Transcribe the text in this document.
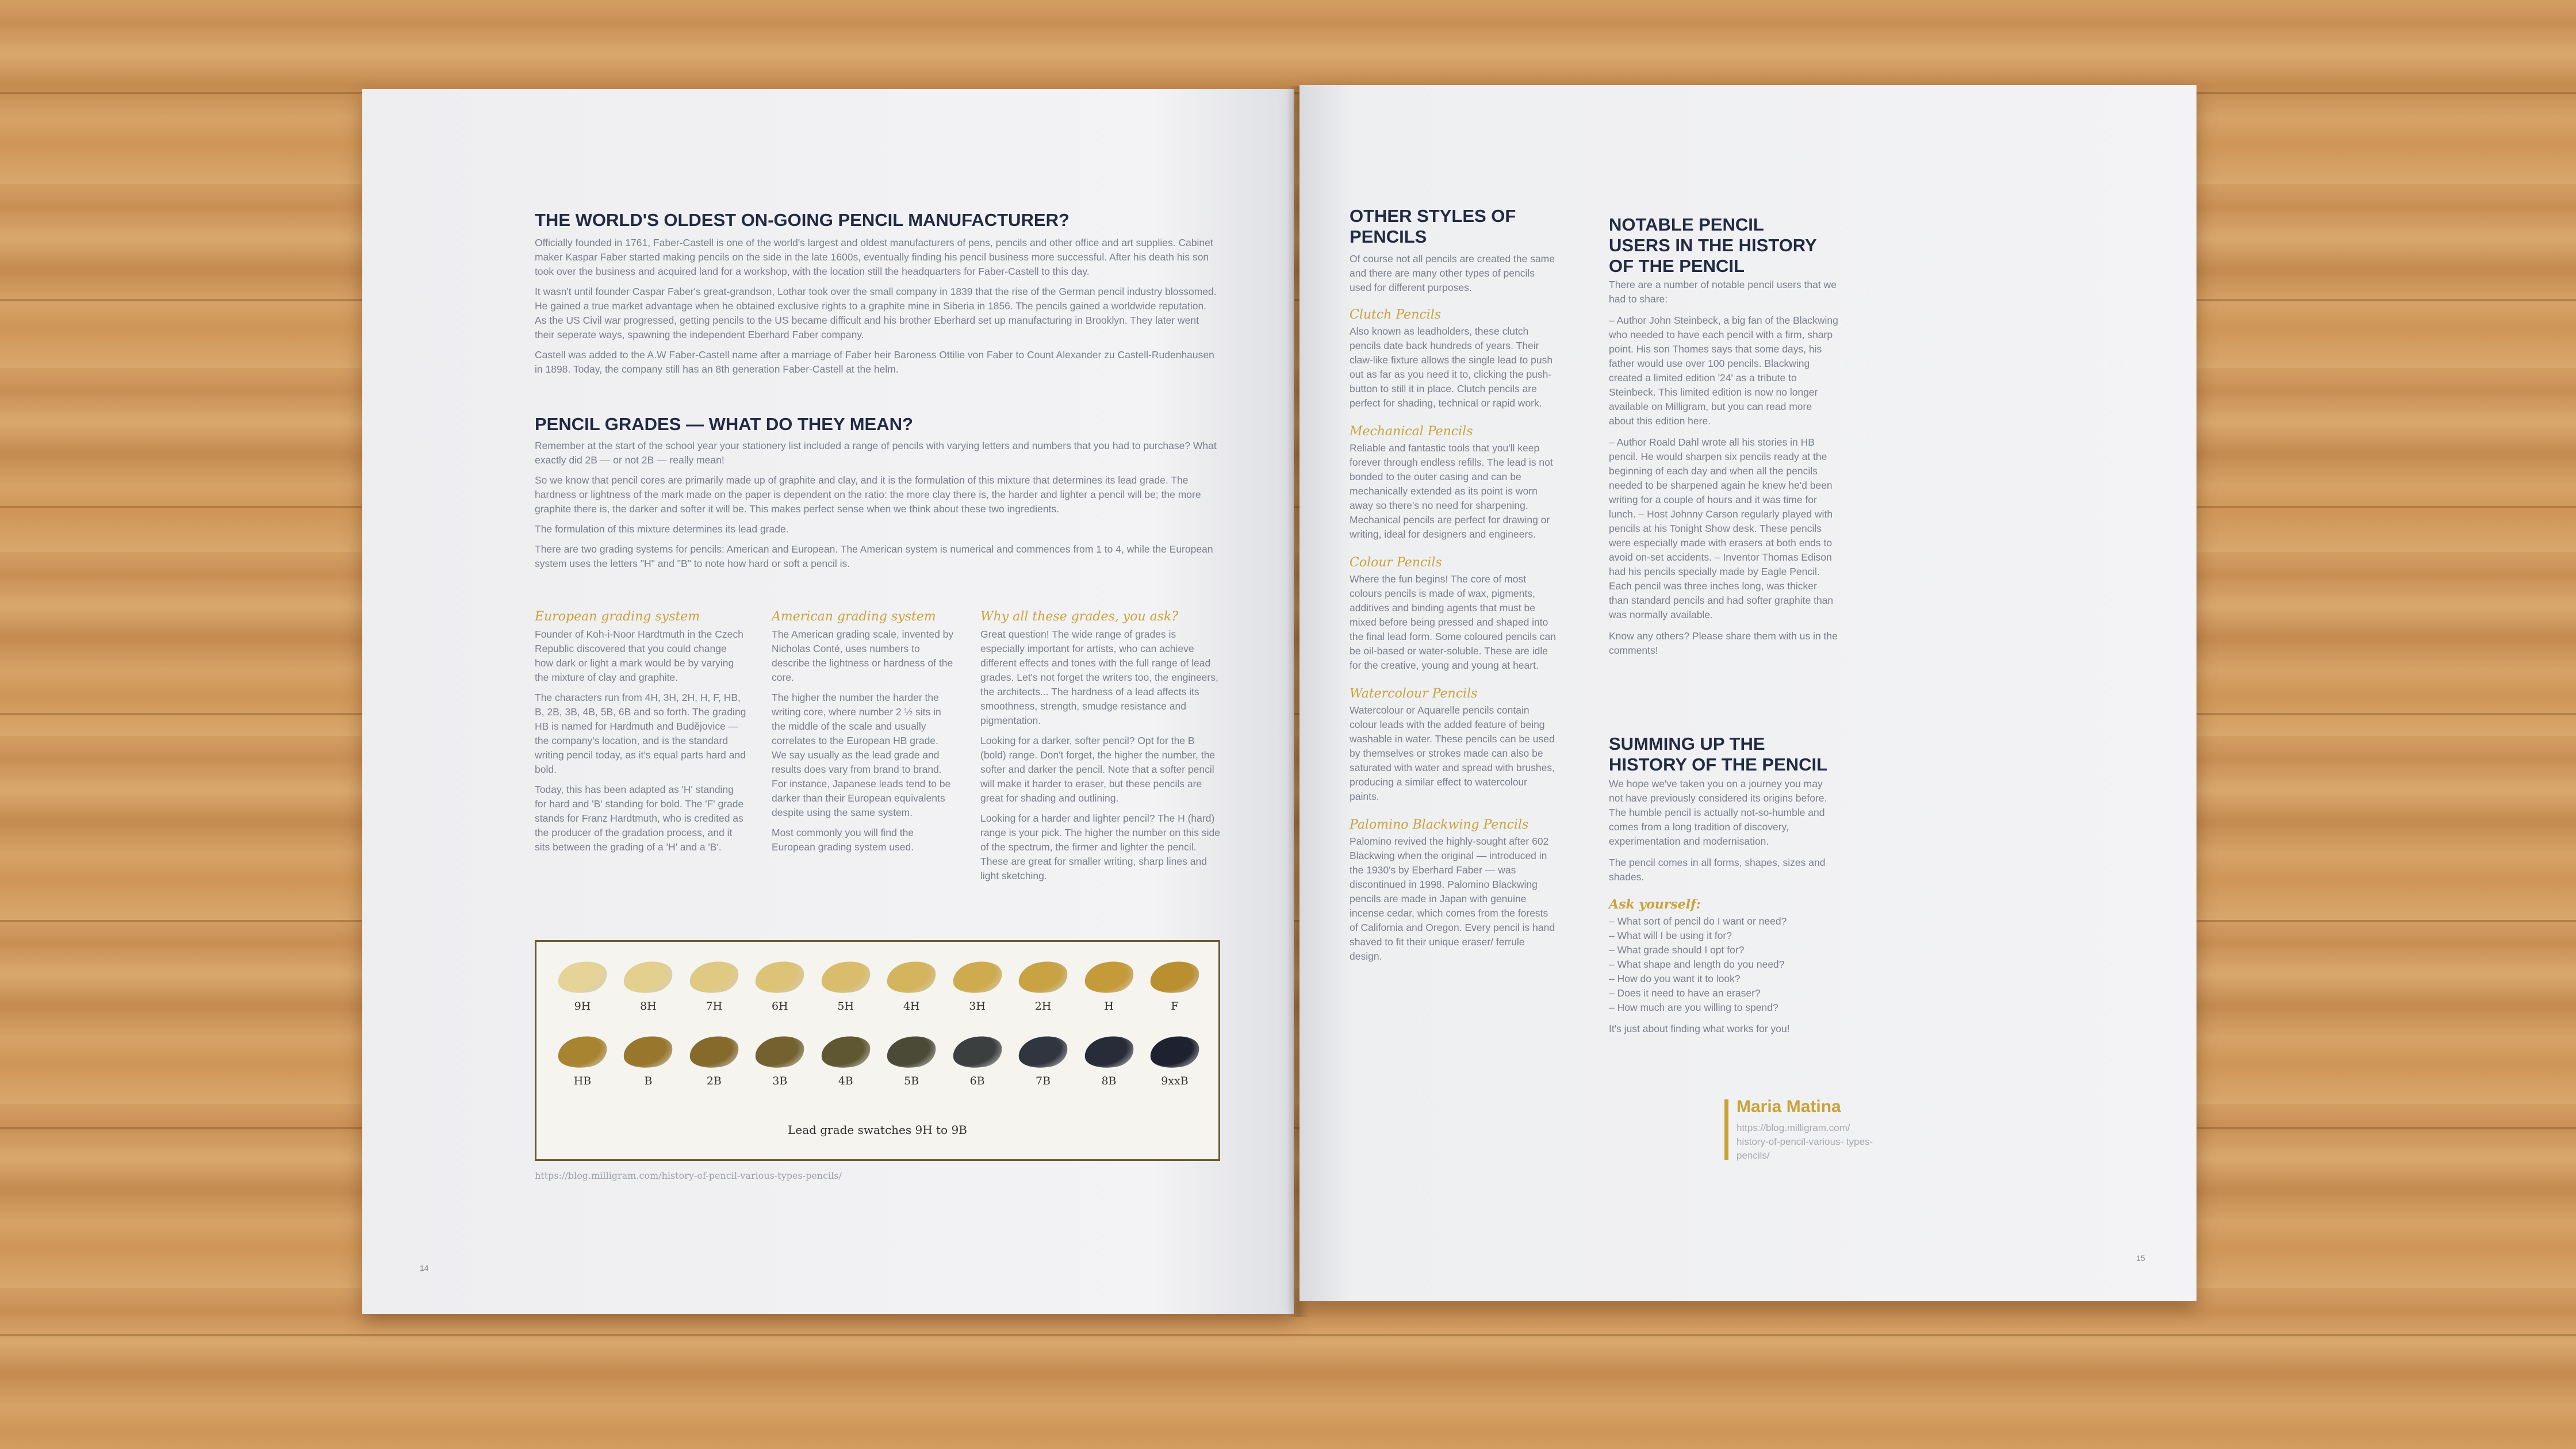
THE WORLD'S OLDEST ON-GOING PENCIL MANUFACTURER?

Officially founded in 1761, Faber-Castell is one of the world's largest and oldest manufacturers of pens, pencils and other office and art supplies. Cabinet maker Kaspar Faber started making pencils on the side in the late 1600s, eventually finding his pencil business more successful. After his death his son took over the business and acquired land for a workshop, with the location still the headquarters for Faber-Castell to this day.

It wasn't until founder Caspar Faber's great-grandson, Lothar took over the small company in 1839 that the rise of the German pencil industry blossomed. He gained a true market advantage when he obtained exclusive rights to a graphite mine in Siberia in 1856. The pencils gained a worldwide reputation. As the US Civil war progressed, getting pencils to the US became difficult and his brother Eberhard set up manufacturing in Brooklyn. They later went their seperate ways, spawning the independent Eberhard Faber company.

Castell was added to the A.W Faber-Castell name after a marriage of Faber heir Baroness Ottilie von Faber to Count Alexander zu Castell-Rudenhausen in 1898. Today, the company still has an 8th generation Faber-Castell at the helm.

PENCIL GRADES — WHAT DO THEY MEAN?

Remember at the start of the school year your stationery list included a range of pencils with varying letters and numbers that you had to purchase? What exactly did 2B — or not 2B — really mean!

So we know that pencil cores are primarily made up of graphite and clay, and it is the formulation of this mixture that determines its lead grade. The hardness or lightness of the mark made on the paper is dependent on the ratio: the more clay there is, the harder and lighter a pencil will be; the more graphite there is, the darker and softer it will be. This makes perfect sense when we think about these two ingredients.

The formulation of this mixture determines its lead grade.

There are two grading systems for pencils: American and European. The American system is numerical and commences from 1 to 4, while the European system uses the letters "H" and "B" to note how hard or soft a pencil is.

European grading system

Founder of Koh-i-Noor Hardtmuth in the Czech Republic discovered that you could change how dark or light a mark would be by varying the mixture of clay and graphite.

The characters run from 4H, 3H, 2H, H, F, HB, B, 2B, 3B, 4B, 5B, 6B and so forth. The grading HB is named for Hardmuth and Budějovice — the company's location, and is the standard writing pencil today, as it's equal parts hard and bold.

Today, this has been adapted as 'H' standing for hard and 'B' standing for bold. The 'F' grade stands for Franz Hardtmuth, who is credited as the producer of the gradation process, and it sits between the grading of a 'H' and a 'B'.

American grading system

The American grading scale, invented by Nicholas Conté, uses numbers to describe the lightness or hardness of the core.

The higher the number the harder the writing core, where number 2 ½ sits in the middle of the scale and usually correlates to the European HB grade. We say usually as the lead grade and results does vary from brand to brand. For instance, Japanese leads tend to be darker than their European equivalents despite using the same system.

Most commonly you will find the European grading system used.

Why all these grades, you ask?

Great question! The wide range of grades is especially important for artists, who can achieve different effects and tones with the full range of lead grades. Let's not forget the writers too, the engineers, the architects... The hardness of a lead affects its smoothness, strength, smudge resistance and pigmentation.

Looking for a darker, softer pencil? Opt for the B (bold) range. Don't forget, the higher the number, the softer and darker the pencil. Note that a softer pencil will make it harder to eraser, but these pencils are great for shading and outlining.

Looking for a harder and lighter pencil? The H (hard) range is your pick. The higher the number on this side of the spectrum, the firmer and lighter the pencil. These are great for smaller writing, sharp lines and light sketching.

9H	8H	7H	6H	5H	4H	3H	2H	H	F
HB	B	2B	3B	4B	5B	6B	7B	8B	9xxB
Lead grade swatches 9H to 9B
https://blog.milligram.com/history-of-pencil-various-types-pencils/
14
OTHER STYLES OF PENCILS
Of course not all pencils are created the same and there are many other types of pencils used for different purposes.
Clutch Pencils
Also known as leadholders, these clutch pencils date back hundreds of years. Their claw-like fixture allows the single lead to push out as far as you need it to, clicking the push-button to still it in place. Clutch pencils are perfect for shading, technical or rapid work.
Mechanical Pencils
Reliable and fantastic tools that you'll keep forever through endless refills. The lead is not bonded to the outer casing and can be mechanically extended as its point is worn away so there's no need for sharpening. Mechanical pencils are perfect for drawing or writing, ideal for designers and engineers.
Colour Pencils
Where the fun begins! The core of most colours pencils is made of wax, pigments, additives and binding agents that must be mixed before being pressed and shaped into the final lead form. Some coloured pencils can be oil-based or water-soluble. These are idle for the creative, young and young at heart.
Watercolour Pencils
Watercolour or Aquarelle pencils contain colour leads with the added feature of being washable in water. These pencils can be used by themselves or strokes made can also be saturated with water and spread with brushes, producing a similar effect to watercolour paints.
Palomino Blackwing Pencils
Palomino revived the highly-sought after 602 Blackwing when the original — introduced in the 1930's by Eberhard Faber — was discontinued in 1998. Palomino Blackwing pencils are made in Japan with genuine incense cedar, which comes from the forests of California and Oregon. Every pencil is hand shaved to fit their unique eraser/ ferrule design.
NOTABLE PENCIL USERS IN THE HISTORY OF THE PENCIL
There are a number of notable pencil users that we had to share:
– Author John Steinbeck, a big fan of the Blackwing who needed to have each pencil with a firm, sharp point. His son Thomes says that some days, his father would use over 100 pencils. Blackwing created a limited edition '24' as a tribute to Steinbeck. This limited edition is now no longer available on Milligram, but you can read more about this edition here.
– Author Roald Dahl wrote all his stories in HB pencil. He would sharpen six pencils ready at the beginning of each day and when all the pencils needed to be sharpened again he knew he'd been writing for a couple of hours and it was time for lunch. – Host Johnny Carson regularly played with pencils at his Tonight Show desk. These pencils were especially made with erasers at both ends to avoid on-set accidents. – Inventor Thomas Edison had his pencils specially made by Eagle Pencil. Each pencil was three inches long, was thicker than standard pencils and had softer graphite than was normally available.
Know any others? Please share them with us in the comments!
SUMMING UP THE HISTORY OF THE PENCIL
We hope we've taken you on a journey you may not have previously considered its origins before. The humble pencil is actually not-so-humble and comes from a long tradition of discovery, experimentation and modernisation.
The pencil comes in all forms, shapes, sizes and shades.
Ask yourself:
– What sort of pencil do I want or need?
– What will I be using it for?
– What grade should I opt for?
– What shape and length do you need?
– How do you want it to look?
– Does it need to have an eraser?
– How much are you willing to spend?
It's just about finding what works for you!
15
Maria Matina
https://blog.milligram.com/ history-of-pencil-various- types-pencils/
